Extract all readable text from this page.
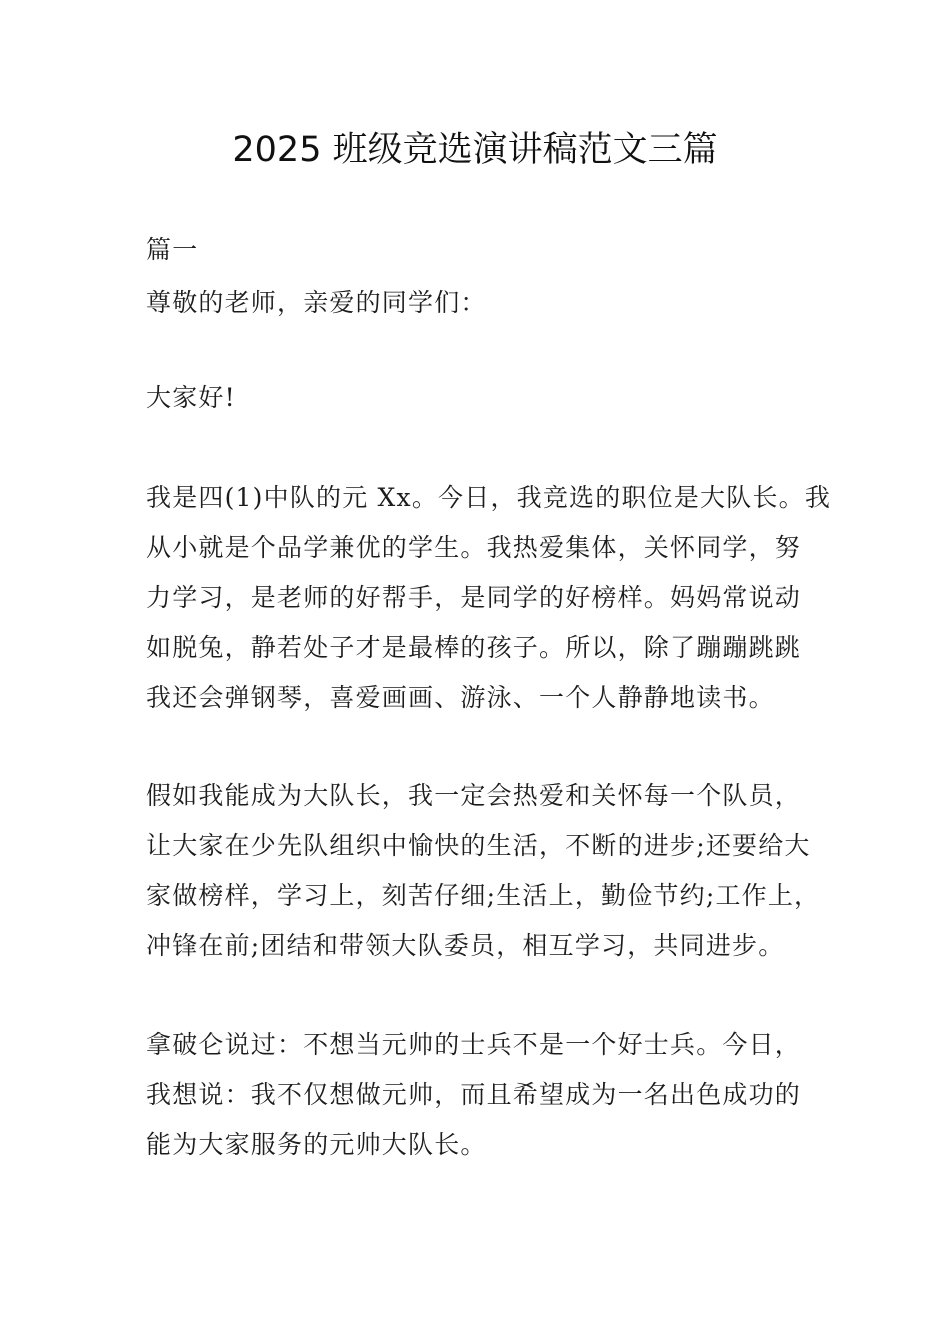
2025 班级竞选演讲稿范文三篇
篇一
尊敬的老师，亲爱的同学们：
大家好!
我是四(1)中队的元 Xx。今日，我竞选的职位是大队长。我
从小就是个品学兼优的学生。我热爱集体，关怀同学，努
力学习，是老师的好帮手，是同学的好榜样。妈妈常说动
如脱兔，静若处子才是最棒的孩子。所以，除了蹦蹦跳跳
我还会弹钢琴，喜爱画画、游泳、一个人静静地读书。
假如我能成为大队长，我一定会热爱和关怀每一个队员，
让大家在少先队组织中愉快的生活，不断的进步;还要给大
家做榜样，学习上，刻苦仔细;生活上，勤俭节约;工作上，
冲锋在前;团结和带领大队委员，相互学习，共同进步。
拿破仑说过：不想当元帅的士兵不是一个好士兵。今日，
我想说：我不仅想做元帅，而且希望成为一名出色成功的
能为大家服务的元帅大队长。
